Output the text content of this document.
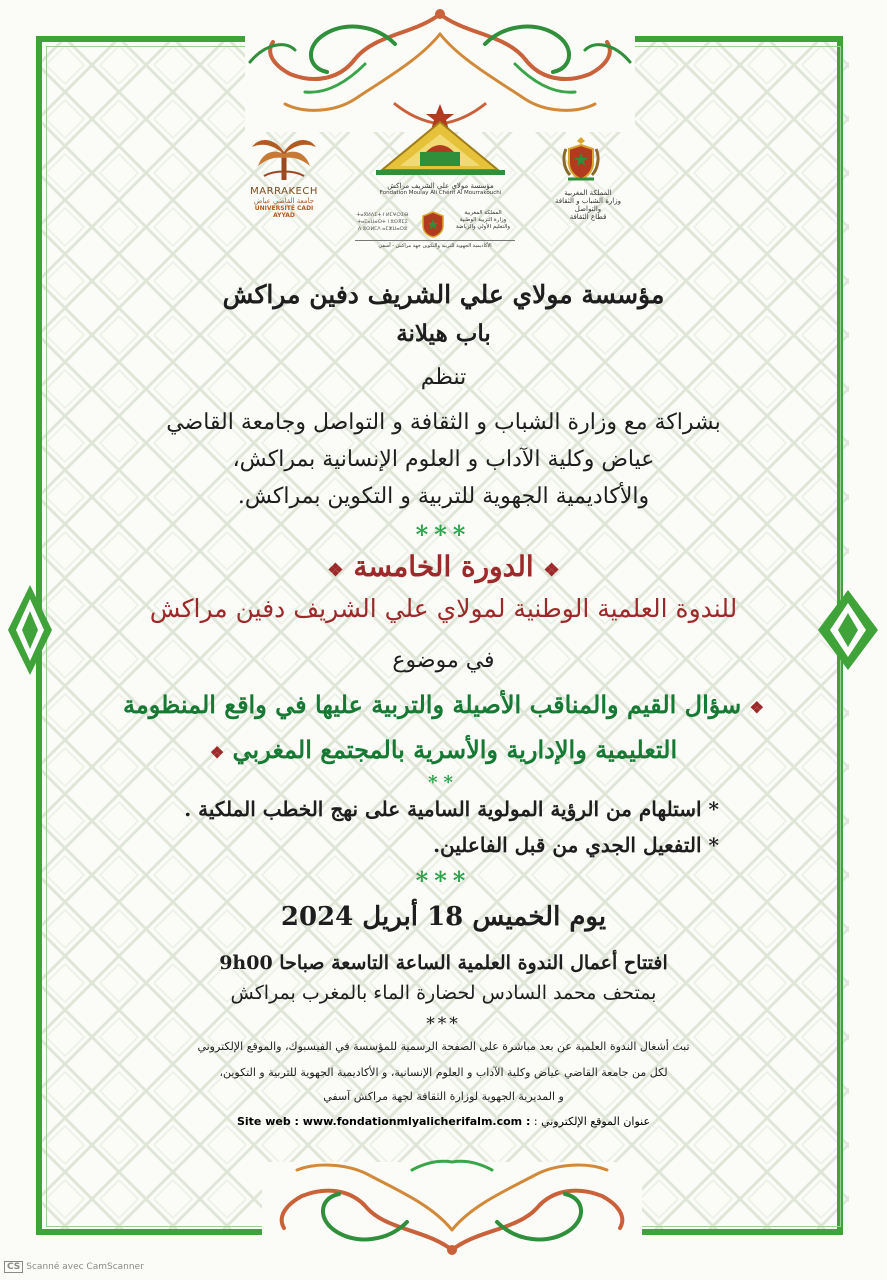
MARRAKECH
جامعة القاضي عياض
UNIVERSITÉ CADI AYYAD
مؤسسة مولاي علي الشريف مراكش
Fondation Moulay Ali Chérif Al Mourrakouchi
ⵜⴰⴳⵍⴷⵉⵜ ⵏ ⵍⵎⵖⵔⵉⴱ
ⵜⴰⵎⴰⵡⴰⵙⵜ ⵏ ⵓⵙⴳⵎⵉ
ⴷ ⵓⵙⵍⵎⴷ ⴰⵎⵣⵡⴰⵔⵓ
المملكة المغربية
وزارة التربية الوطنية
والتعليم الأولي والرياضة
الأكاديمية الجهوية للتربية والتكوين جهة مراكش - آسفي
المملكة المغربية
وزارة الشباب و الثقافة والتواصل
قطاع الثقافة
مؤسسة مولاي علي الشريف دفين مراكش
باب هيلانة
تنظم
بشراكة مع وزارة الشباب و الثقافة و التواصل وجامعة القاضي
عياض وكلية الآداب و العلوم الإنسانية بمراكش،
والأكاديمية الجهوية للتربية و التكوين بمراكش.
***
❖ الدورة الخامسة ❖
للندوة العلمية الوطنية لمولاي علي الشريف دفين مراكش
في موضوع
❖ سؤال القيم والمناقب الأصيلة والتربية عليها في واقع المنظومة
التعليمية والإدارية والأسرية بالمجتمع المغربي ❖
**
* استلهام من الرؤية المولوية السامية على نهج الخطب الملكية .
* التفعيل الجدي من قبل الفاعلين.
***
يوم الخميس 18 أبريل 2024
افتتاح أعمال الندوة العلمية الساعة التاسعة صباحا 9h00
بمتحف محمد السادس لحضارة الماء بالمغرب بمراكش
***
تبث أشغال الندوة العلمية عن بعد مباشرة على الصفحة الرسمية للمؤسسة في الفيسبوك، والموقع الإلكتروني
لكل من جامعة القاضي عياض وكلية الآداب و العلوم الإنسانية، و الأكاديمية الجهوية للتربية و التكوين،
و المديرية الجهوية لوزارة الثقافة لجهة مراكش آسفي
عنوان الموقع الإلكتروني : Site web : www.fondationmlyalicherifalm.com :
CS Scanné avec CamScanner
